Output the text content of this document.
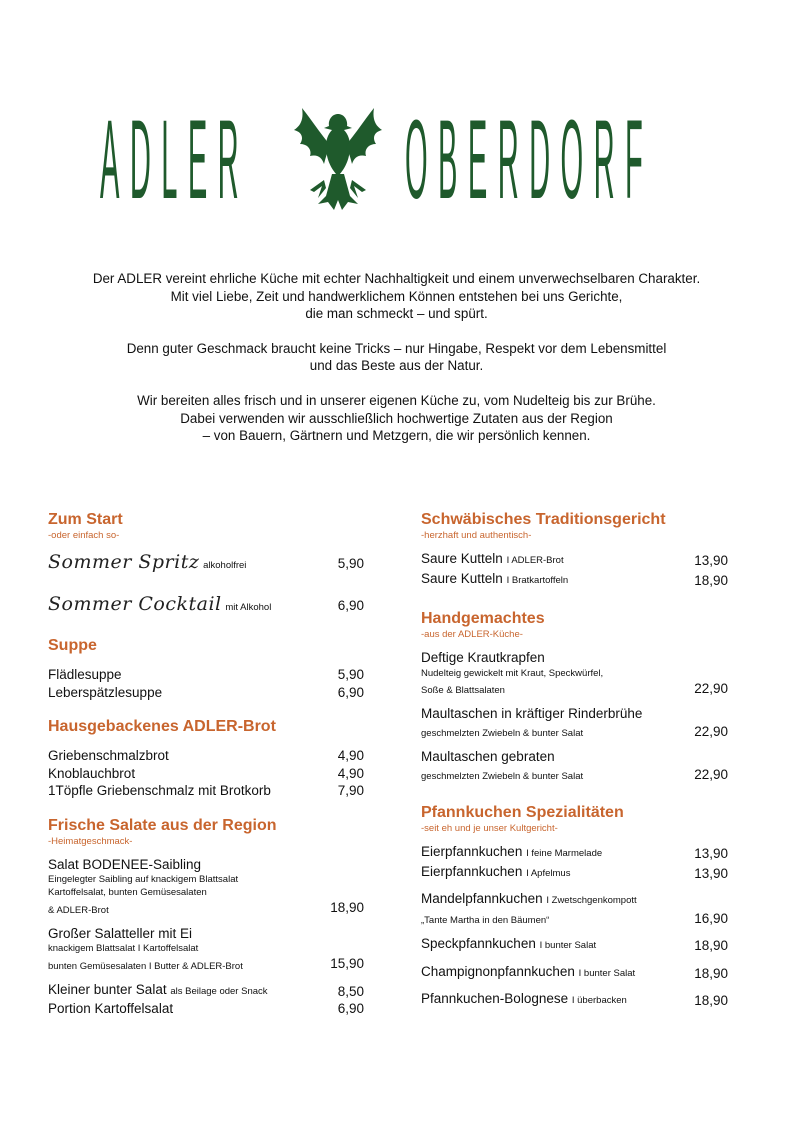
ADLER OBERDORF

Der ADLER vereint ehrliche Küche mit echter Nachhaltigkeit und einem unverwechselbaren Charakter.
Mit viel Liebe, Zeit und handwerklichem Können entstehen bei uns Gerichte,
die man schmeckt – und spürt.

Denn guter Geschmack braucht keine Tricks – nur Hingabe, Respekt vor dem Lebensmittel
und das Beste aus der Natur.

Wir bereiten alles frisch und in unserer eigenen Küche zu, vom Nudelteig bis zur Brühe.
Dabei verwenden wir ausschließlich hochwertige Zutaten aus der Region
– von Bauern, Gärtnern und Metzgern, die wir persönlich kennen.

Zum Start
-oder einfach so-
Sommer Spritz alkoholfrei	5,90
Sommer Cocktail mit Alkohol	6,90
Suppe
Flädlesuppe	5,90
Leberspätzlesuppe	6,90
Hausgebackenes ADLER-Brot
Griebenschmalzbrot	4,90
Knoblauchbrot	4,90
1Töpfle Griebenschmalz mit Brotkorb	7,90
Frische Salate aus der Region
-Heimatgeschmack-
Salat BODENEE-Saibling
Eingelegter Saibling auf knackigem Blattsalat
Kartoffelsalat, bunten Gemüsesalaten
& ADLER-Brot	18,90
Großer Salatteller mit Ei
knackigem Blattsalat I Kartoffelsalat
bunten Gemüsesalaten I Butter & ADLER-Brot	15,90
Kleiner bunter Salat als Beilage oder Snack	8,50
Portion Kartoffelsalat	6,90
Schwäbisches Traditionsgericht
-herzhaft und authentisch-
Saure Kutteln I ADLER-Brot	13,90
Saure Kutteln I Bratkartoffeln	18,90
Handgemachtes
-aus der ADLER-Küche-
Deftige Krautkrapfen
Nudelteig gewickelt mit Kraut, Speckwürfel,
Soße & Blattsalaten	22,90
Maultaschen in kräftiger Rinderbrühe
geschmelzten Zwiebeln & bunter Salat	22,90
Maultaschen gebraten
geschmelzten Zwiebeln & bunter Salat	22,90
Pfannkuchen Spezialitäten
-seit eh und je unser Kultgericht-
Eierpfannkuchen I feine Marmelade	13,90
Eierpfannkuchen I Apfelmus	13,90
Mandelpfannkuchen I Zwetschgenkompott
„Tante Martha in den Bäumen“	16,90
Speckpfannkuchen I bunter Salat	18,90
Champignonpfannkuchen I bunter Salat	18,90
Pfannkuchen-Bolognese I überbacken	18,90
